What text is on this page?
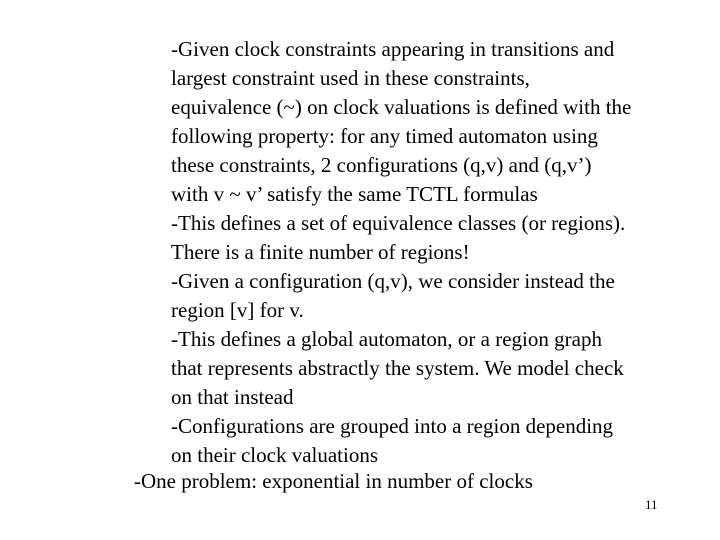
-Given clock constraints appearing in transitions and
largest constraint used in these constraints,
equivalence (~) on clock valuations is defined with the
following property: for any timed automaton using
these constraints, 2 configurations (q,v) and (q,v’)
with v ~ v’ satisfy the same TCTL formulas
-This defines a set of equivalence classes (or regions).
There is a finite number of regions!
-Given a configuration (q,v), we consider instead the
region [v] for v.
-This defines a global automaton, or a region graph
that represents abstractly the system. We model check
on that instead
-Configurations are grouped into a region depending
on their clock valuations
-One problem: exponential in number of clocks
11
